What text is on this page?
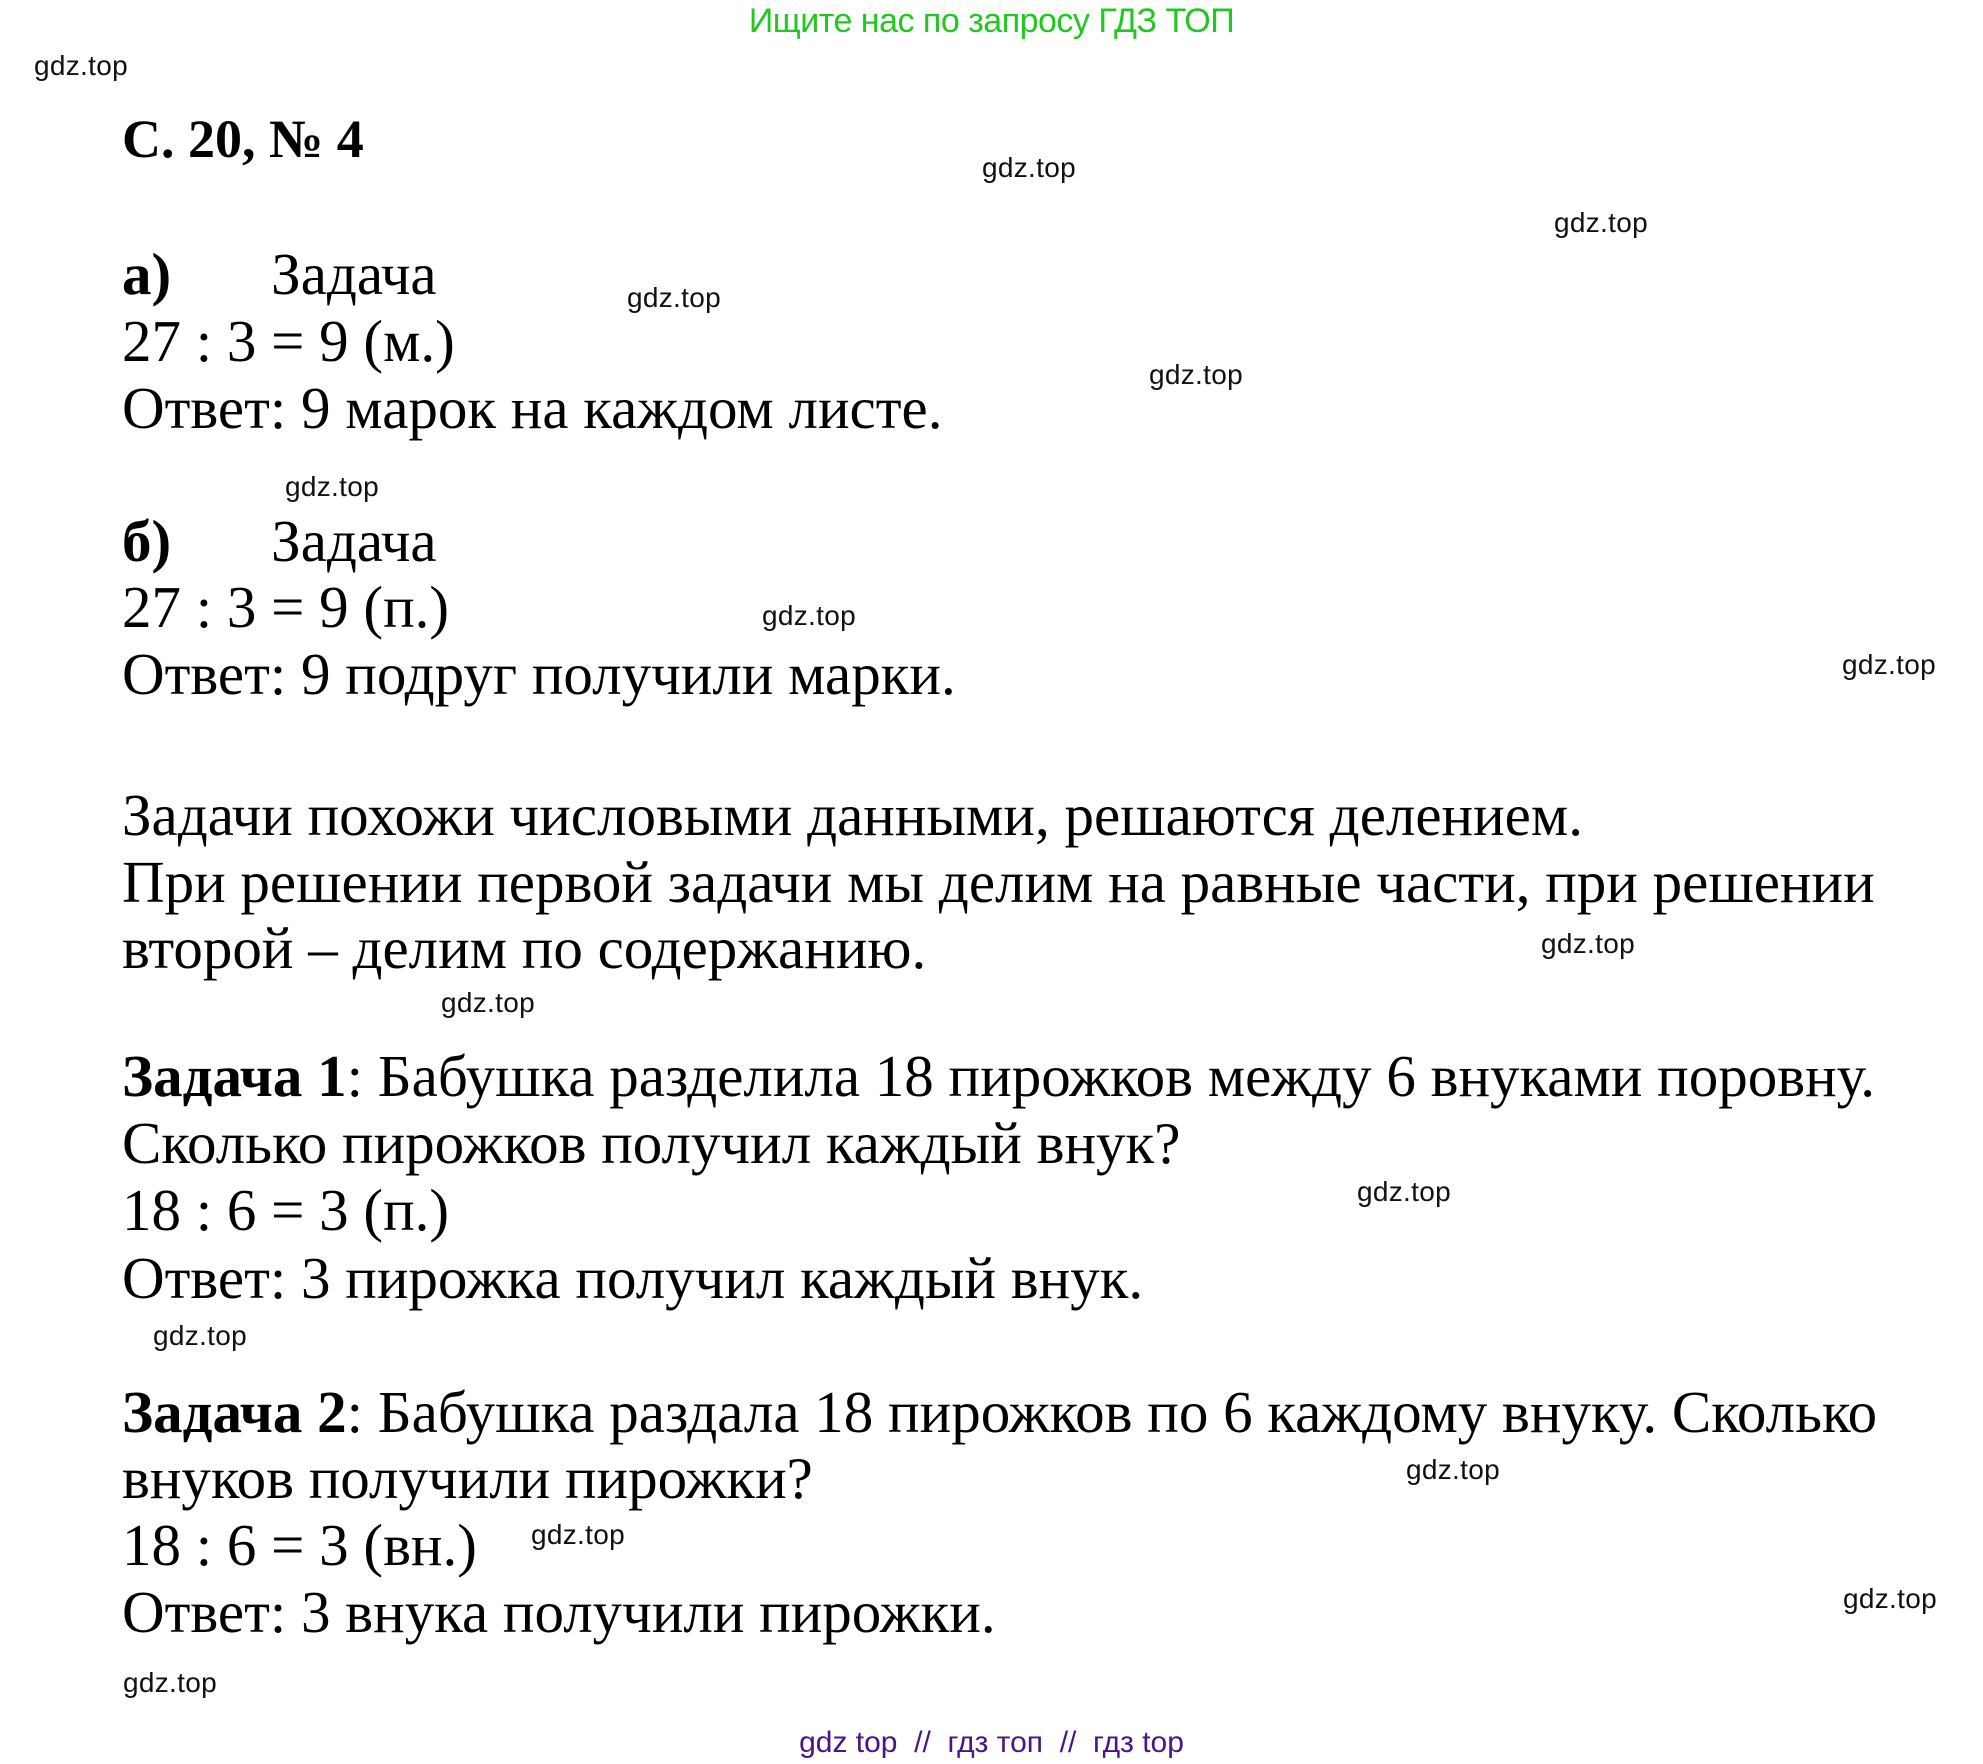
Ищите нас по запросу ГДЗ ТОП
С. 20, № 4
а) Задача
27 : 3 = 9 (м.)
Ответ: 9 марок на каждом листе.
б) Задача
27 : 3 = 9 (п.)
Ответ: 9 подруг получили марки.
Задачи похожи числовыми данными, решаются делением.
При решении первой задачи мы делим на равные части, при решении
второй – делим по содержанию.
Задача 1: Бабушка разделила 18 пирожков между 6 внуками поровну.
Сколько пирожков получил каждый внук?
18 : 6 = 3 (п.)
Ответ: 3 пирожка получил каждый внук.
Задача 2: Бабушка раздала 18 пирожков по 6 каждому внуку. Сколько
внуков получили пирожки?
18 : 6 = 3 (вн.)
Ответ: 3 внука получили пирожки.
gdz.top
gdz.top
gdz.top
gdz.top
gdz.top
gdz.top
gdz.top
gdz.top
gdz.top
gdz.top
gdz.top
gdz.top
gdz.top
gdz.top
gdz.top
gdz.top
gdz top  //  гдз топ  //  гдз top
